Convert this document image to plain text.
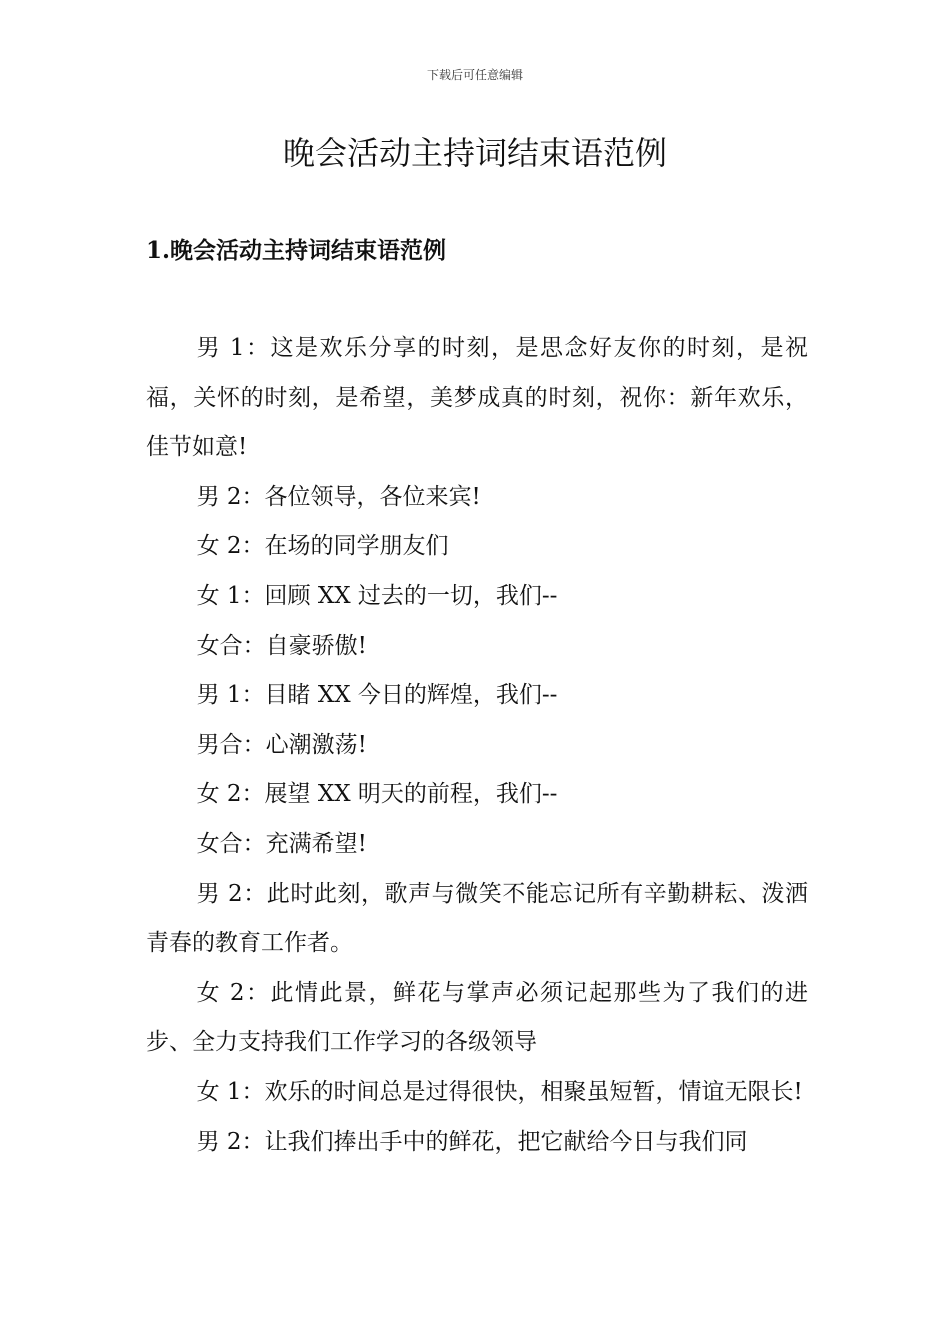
下载后可任意编辑
晚会活动主持词结束语范例
1.晚会活动主持词结束语范例

男 1：这是欢乐分享的时刻，是思念好友你的时刻，是祝福，关怀的时刻，是希望，美梦成真的时刻，祝你：新年欢乐，佳节如意!

男 2：各位领导，各位来宾!

女 2：在场的同学朋友们

女 1：回顾 XX 过去的一切，我们--

女合：自豪骄傲!

男 1：目睹 XX 今日的辉煌，我们--

男合：心潮激荡!

女 2：展望 XX 明天的前程，我们--

女合：充满希望!

男 2：此时此刻，歌声与微笑不能忘记所有辛勤耕耘、泼洒青春的教育工作者。

女 2：此情此景，鲜花与掌声必须记起那些为了我们的进步、全力支持我们工作学习的各级领导

女 1：欢乐的时间总是过得很快，相聚虽短暂，情谊无限长!

男 2：让我们捧出手中的鲜花，把它献给今日与我们同
